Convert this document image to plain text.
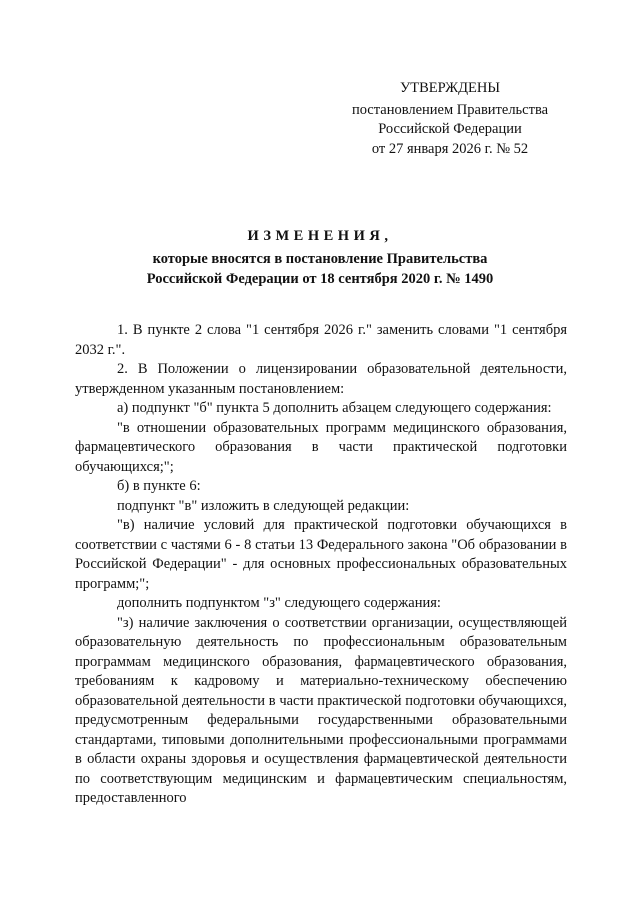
УТВЕРЖДЕНЫ
постановлением Правительства
Российской Федерации
от 27 января 2026 г. № 52
ИЗМЕНЕНИЯ,
которые вносятся в постановление Правительства
Российской Федерации от 18 сентября 2020 г. № 1490

1. В пункте 2 слова "1 сентября 2026 г." заменить словами "1 сентября 2032 г.".

2. В Положении о лицензировании образовательной деятельности, утвержденном указанным постановлением:

а) подпункт "б" пункта 5 дополнить абзацем следующего содержания:

"в отношении образовательных программ медицинского образования, фармацевтического образования в части практической подготовки обучающихся;";

б) в пункте 6:

подпункт "в" изложить в следующей редакции:

"в) наличие условий для практической подготовки обучающихся в соответствии с частями 6 - 8 статьи 13 Федерального закона "Об образовании в Российской Федерации" - для основных профессиональных образовательных программ;";

дополнить подпунктом "з" следующего содержания:

"з) наличие заключения о соответствии организации, осуществляющей образовательную деятельность по профессиональным образовательным программам медицинского образования, фармацевтического образования, требованиям к кадровому и материально-техническому обеспечению образовательной деятельности в части практической подготовки обучающихся, предусмотренным федеральными государственными образовательными стандартами, типовыми дополнительными профессиональными программами в области охраны здоровья и осуществления фармацевтической деятельности по соответствующим медицинским и фармацевтическим специальностям, предоставленного
